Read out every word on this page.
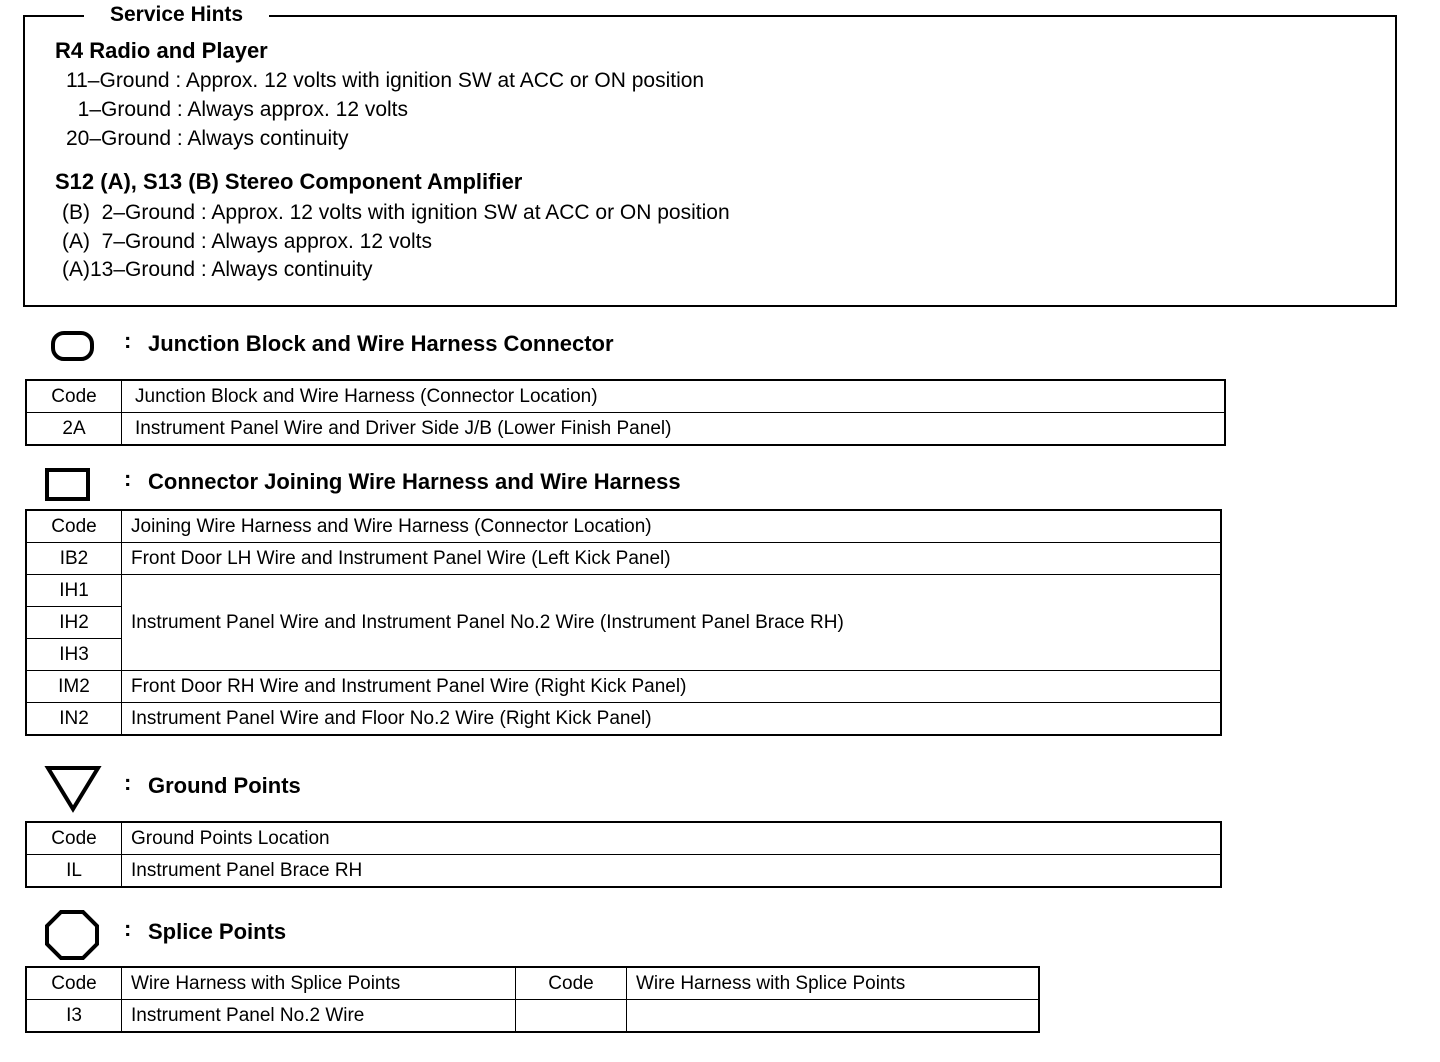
Service Hints
R4 Radio and Player
11–Ground : Approx. 12 volts with ignition SW at ACC or ON position
1–Ground : Always approx. 12 volts
20–Ground : Always continuity
S12 (A), S13 (B) Stereo Component Amplifier
(B)  2–Ground : Approx. 12 volts with ignition SW at ACC or ON position
(A)  7–Ground : Always approx. 12 volts
(A)13–Ground : Always continuity
: Junction Block and Wire Harness Connector
Code	Junction Block and Wire Harness (Connector Location)
2A	Instrument Panel Wire and Driver Side J/B (Lower Finish Panel)
: Connector Joining Wire Harness and Wire Harness
Code	Joining Wire Harness and Wire Harness (Connector Location)
IB2	Front Door LH Wire and Instrument Panel Wire (Left Kick Panel)
IH1	Instrument Panel Wire and Instrument Panel No.2 Wire (Instrument Panel Brace RH)
IH2	
IH3	
IM2	Front Door RH Wire and Instrument Panel Wire (Right Kick Panel)
IN2	Instrument Panel Wire and Floor No.2 Wire (Right Kick Panel)
: Ground Points
Code	Ground Points Location
IL	Instrument Panel Brace RH
: Splice Points
Code	Wire Harness with Splice Points	Code	Wire Harness with Splice Points
I3	Instrument Panel No.2 Wire		
